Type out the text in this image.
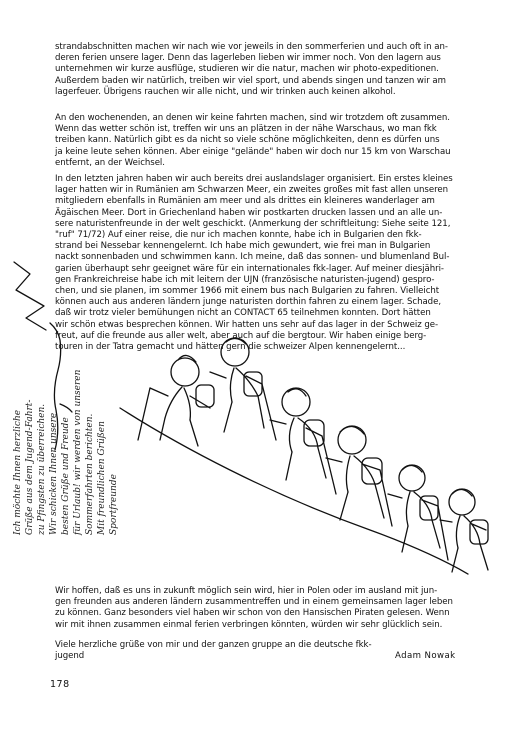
strandabschnitten machen wir nach wie vor jeweils in den sommerferien und auch oft in an-
deren ferien unsere lager. Denn das lagerleben lieben wir immer noch. Von den lagern aus
unternehmen wir kurze ausflüge, studieren wir die natur, machen wir photo-expeditionen.
Außerdem baden wir natürlich, treiben wir viel sport, und abends singen und tanzen wir am
lagerfeuer. Übrigens rauchen wir alle nicht, und wir trinken auch keinen alkohol.

An den wochenenden, an denen wir keine fahrten machen, sind wir trotzdem oft zusammen.
Wenn das wetter schön ist, treffen wir uns an plätzen in der nähe Warschaus, wo man fkk
treiben kann. Natürlich gibt es da nicht so viele schöne möglichkeiten, denn es dürfen uns
ja keine leute sehen können. Aber einige "gelände" haben wir doch nur 15 km von Warschau
entfernt, an der Weichsel.

In den letzten jahren haben wir auch bereits drei auslandslager organisiert. Ein erstes kleines
lager hatten wir in Rumänien am Schwarzen Meer, ein zweites großes mit fast allen unseren
mitgliedern ebenfalls in Rumänien am meer und als drittes ein kleineres wanderlager am
Ägäischen Meer. Dort in Griechenland haben wir postkarten drucken lassen und an alle un-
sere naturistenfreunde in der welt geschickt. (Anmerkung der schriftleitung: Siehe seite 121,
"ruf" 71/72) Auf einer reise, die nur ich machen konnte, habe ich in Bulgarien den fkk-
strand bei Nessebar kennengelernt. Ich habe mich gewundert, wie frei man in Bulgarien
nackt sonnenbaden und schwimmen kann. Ich meine, daß das sonnen- und blumenland Bul-
garien überhaupt sehr geeignet wäre für ein internationales fkk-lager. Auf meiner diesjähri-
gen Frankreichreise habe ich mit leitern der UJN (französische naturisten-jugend) gespro-
chen, und sie planen, im sommer 1966 mit einem bus nach Bulgarien zu fahren. Vielleicht
können auch aus anderen ländern junge naturisten dorthin fahren zu einem lager. Schade,
daß wir trotz vieler bemühungen nicht an CONTACT 65 teilnehmen konnten. Dort hätten
wir schön etwas besprechen können. Wir hatten uns sehr auf das lager in der Schweiz ge-
freut, auf die freunde aus aller welt, aber auch auf die bergtour. Wir haben einige berg-
touren in der Tatra gemacht und hätten gern die schweizer Alpen kennengelernt...

Ich möchte Ihnen herzliche Grüße aus dem Jugend-Fahrt- zu Pfingsten zu überreichen. Wir schicken Ihnen unsere besten Grüße und Freude für Urlaub! wir werden von unseren Sommerfahrten berichten. Mit freundlichen Grüßen Sportfreunde

Wir hoffen, daß es uns in zukunft möglich sein wird, hier in Polen oder im ausland mit jun-
gen freunden aus anderen ländern zusammentreffen und in einem gemeinsamen lager leben
zu können. Ganz besonders viel haben wir schon von den Hansischen Piraten gelesen. Wenn
wir mit ihnen zusammen einmal ferien verbringen könnten, würden wir sehr glücklich sein.

Viele herzliche grüße von mir und der ganzen gruppe an die deutsche fkk-jugend	Adam Nowak
178
